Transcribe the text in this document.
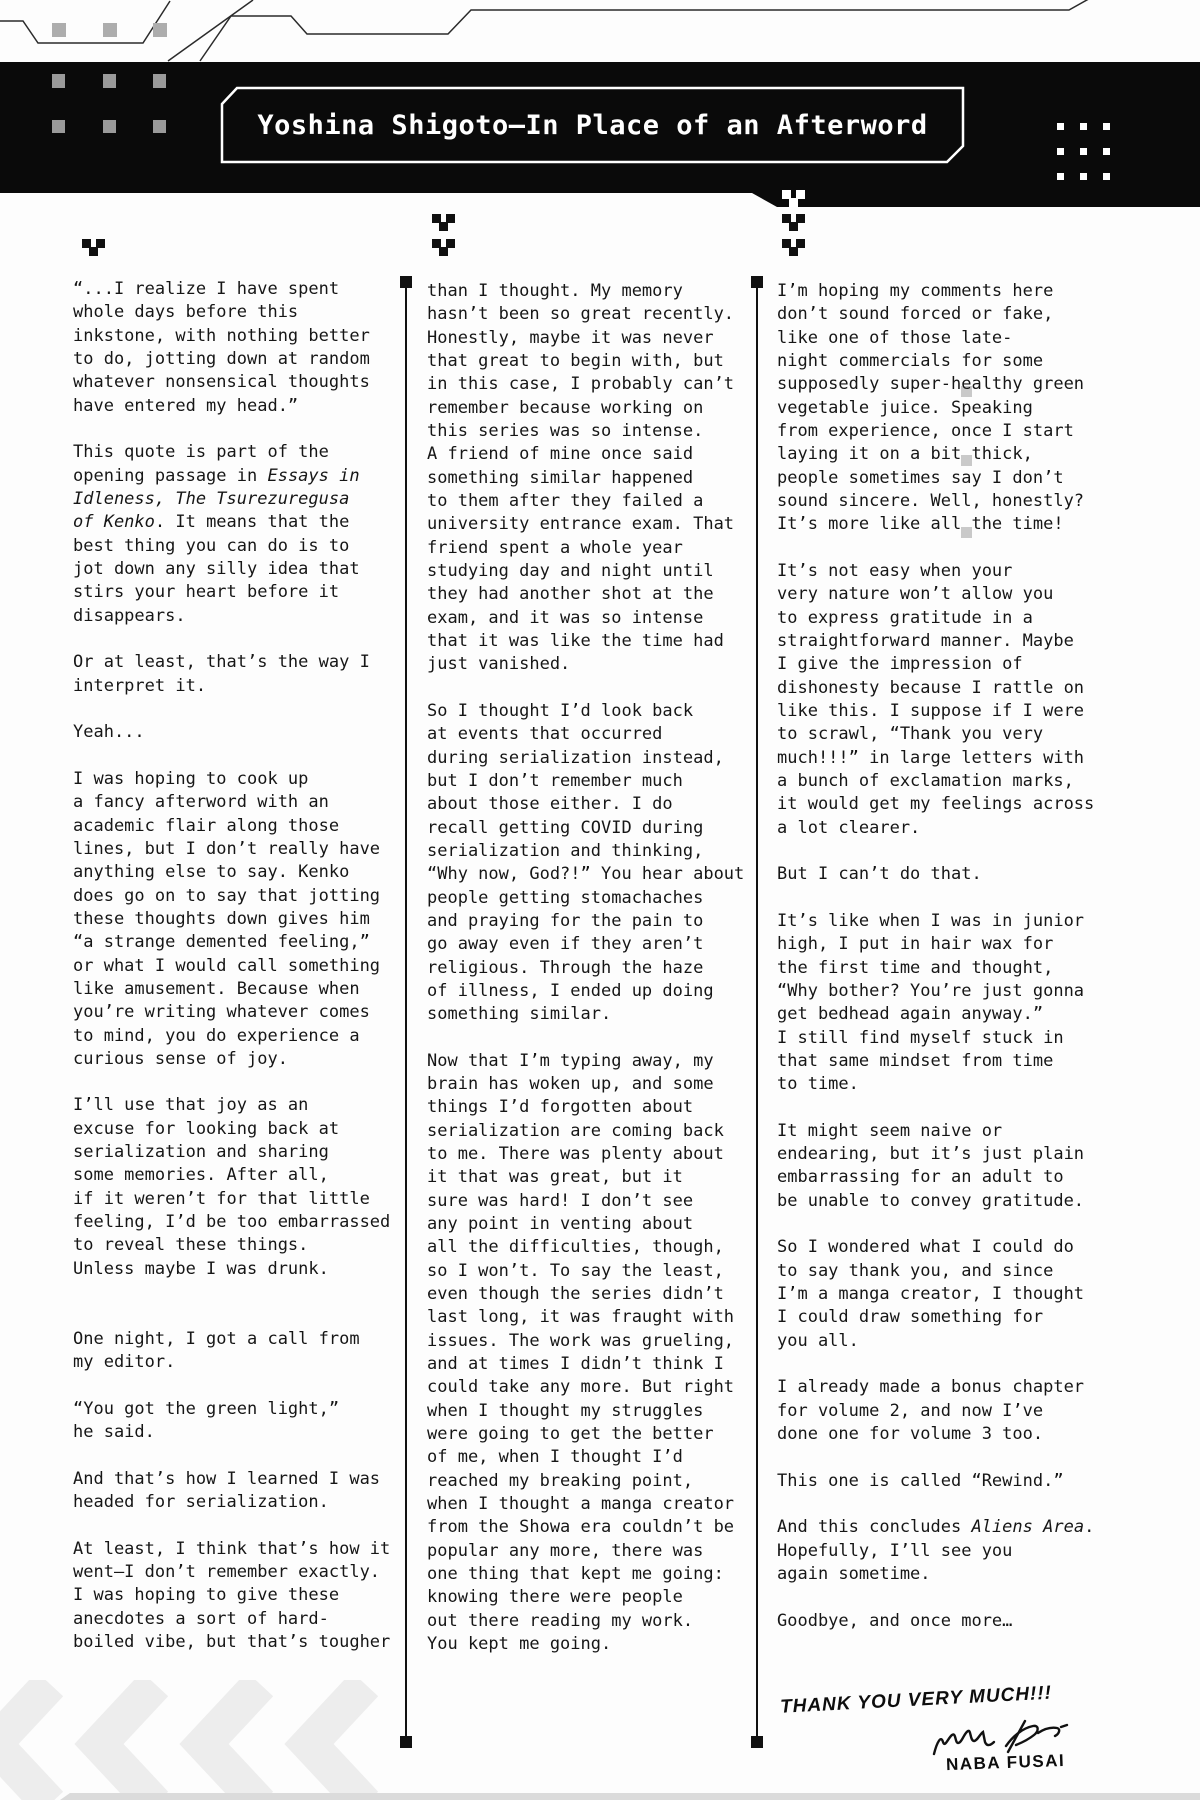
Yoshina Shigoto—In Place of an Afterword

“...I realize I have spent
whole days before this
inkstone, with nothing better
to do, jotting down at random
whatever nonsensical thoughts
have entered my head.”

This quote is part of the
opening passage in Essays in
Idleness, The Tsurezuregusa
of Kenko. It means that the
best thing you can do is to
jot down any silly idea that
stirs your heart before it
disappears.

Or at least, that’s the way I
interpret it.

Yeah...

I was hoping to cook up
a fancy afterword with an
academic flair along those
lines, but I don’t really have
anything else to say. Kenko
does go on to say that jotting
these thoughts down gives him
“a strange demented feeling,”
or what I would call something
like amusement. Because when
you’re writing whatever comes
to mind, you do experience a
curious sense of joy.

I’ll use that joy as an
excuse for looking back at
serialization and sharing
some memories. After all,
if it weren’t for that little
feeling, I’d be too embarrassed
to reveal these things.
Unless maybe I was drunk.

One night, I got a call from
my editor.

“You got the green light,”
he said.

And that’s how I learned I was
headed for serialization.

At least, I think that’s how it
went—I don’t remember exactly.
I was hoping to give these
anecdotes a sort of hard-
boiled vibe, but that’s tougher

than I thought. My memory
hasn’t been so great recently.
Honestly, maybe it was never
that great to begin with, but
in this case, I probably can’t
remember because working on
this series was so intense.
A friend of mine once said
something similar happened
to them after they failed a
university entrance exam. That
friend spent a whole year
studying day and night until
they had another shot at the
exam, and it was so intense
that it was like the time had
just vanished.

So I thought I’d look back
at events that occurred
during serialization instead,
but I don’t remember much
about those either. I do
recall getting COVID during
serialization and thinking,
“Why now, God?!” You hear about
people getting stomachaches
and praying for the pain to
go away even if they aren’t
religious. Through the haze
of illness, I ended up doing
something similar.

Now that I’m typing away, my
brain has woken up, and some
things I’d forgotten about
serialization are coming back
to me. There was plenty about
it that was great, but it
sure was hard! I don’t see
any point in venting about
all the difficulties, though,
so I won’t. To say the least,
even though the series didn’t
last long, it was fraught with
issues. The work was grueling,
and at times I didn’t think I
could take any more. But right
when I thought my struggles
were going to get the better
of me, when I thought I’d
reached my breaking point,
when I thought a manga creator
from the Showa era couldn’t be
popular any more, there was
one thing that kept me going:
knowing there were people
out there reading my work.
You kept me going.

I’m hoping my comments here
don’t sound forced or fake,
like one of those late-
night commercials for some
supposedly super-healthy green
vegetable juice. Speaking
from experience, once I start
laying it on a bit thick,
people sometimes say I don’t
sound sincere. Well, honestly?
It’s more like all the time!

It’s not easy when your
very nature won’t allow you
to express gratitude in a
straightforward manner. Maybe
I give the impression of
dishonesty because I rattle on
like this. I suppose if I were
to scrawl, “Thank you very
much!!!” in large letters with
a bunch of exclamation marks,
it would get my feelings across
a lot clearer.

But I can’t do that.

It’s like when I was in junior
high, I put in hair wax for
the first time and thought,
“Why bother? You’re just gonna
get bedhead again anyway.”
I still find myself stuck in
that same mindset from time
to time.

It might seem naive or
endearing, but it’s just plain
embarrassing for an adult to
be unable to convey gratitude.

So I wondered what I could do
to say thank you, and since
I’m a manga creator, I thought
I could draw something for
you all.

I already made a bonus chapter
for volume 2, and now I’ve
done one for volume 3 too.

This one is called “Rewind.”

And this concludes Aliens Area.
Hopefully, I’ll see you
again sometime.

Goodbye, and once more…

THANK YOU VERY MUCH!!!
NABA FUSAI
